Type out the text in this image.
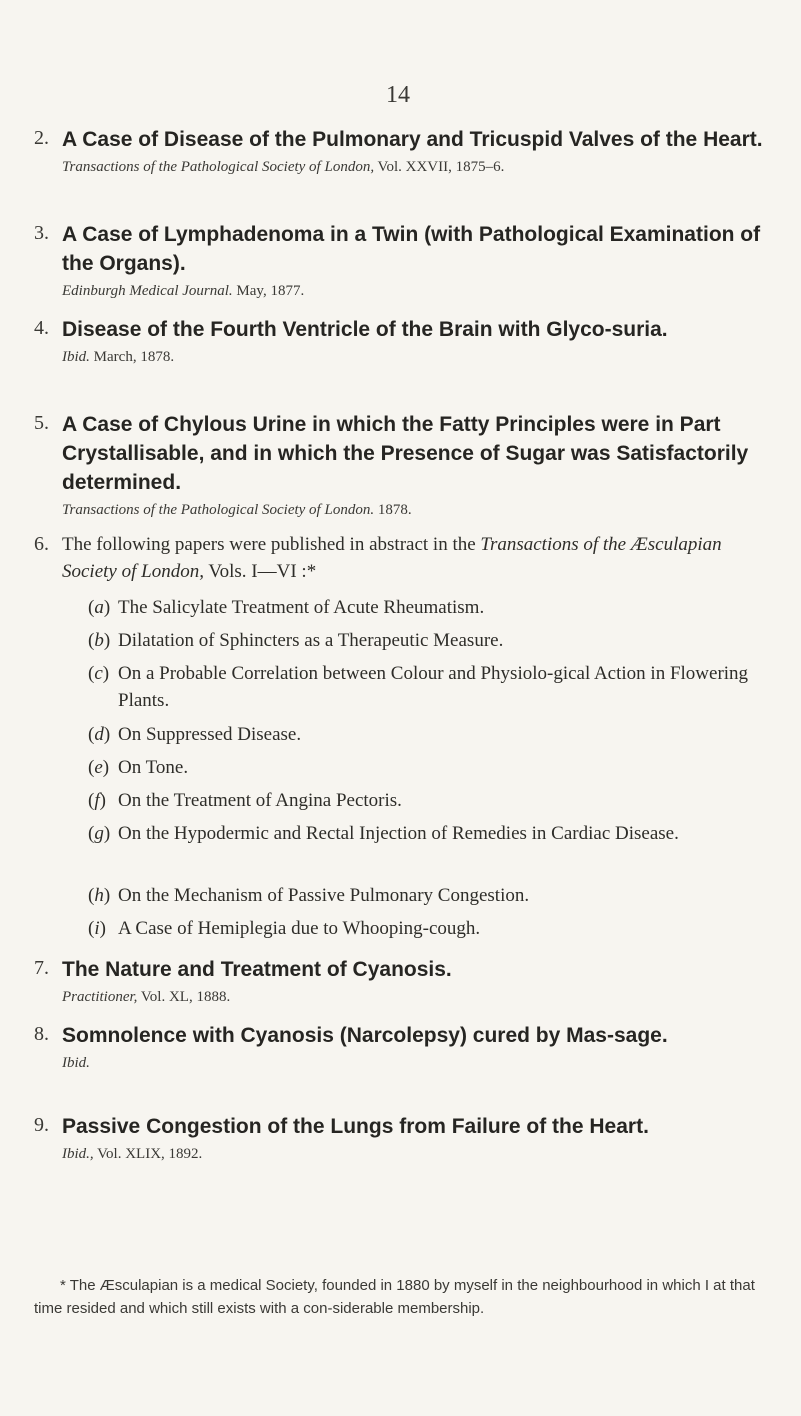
14
2. A Case of Disease of the Pulmonary and Tricuspid Valves of the Heart.
Transactions of the Pathological Society of London, Vol. XXVII, 1875–6.
3. A Case of Lymphadenoma in a Twin (with Pathological Examination of the Organs).
Edinburgh Medical Journal. May, 1877.
4. Disease of the Fourth Ventricle of the Brain with Glyco-suria.
Ibid. March, 1878.
5. A Case of Chylous Urine in which the Fatty Principles were in Part Crystallisable, and in which the Presence of Sugar was Satisfactorily determined.
Transactions of the Pathological Society of London. 1878.
6. The following papers were published in abstract in the Transactions of the Æsculapian Society of London, Vols. I—VI :*
(a) The Salicylate Treatment of Acute Rheumatism.
(b) Dilatation of Sphincters as a Therapeutic Measure.
(c) On a Probable Correlation between Colour and Physiolo-gical Action in Flowering Plants.
(d) On Suppressed Disease.
(e) On Tone.
(f) On the Treatment of Angina Pectoris.
(g) On the Hypodermic and Rectal Injection of Remedies in Cardiac Disease.
(h) On the Mechanism of Passive Pulmonary Congestion.
(i) A Case of Hemiplegia due to Whooping-cough.
7. The Nature and Treatment of Cyanosis.
Practitioner, Vol. XL, 1888.
8. Somnolence with Cyanosis (Narcolepsy) cured by Mas-sage.
Ibid.
9. Passive Congestion of the Lungs from Failure of the Heart.
Ibid., Vol. XLIX, 1892.
* The Æsculapian is a medical Society, founded in 1880 by myself in the neighbourhood in which I at that time resided and which still exists with a con-siderable membership.
